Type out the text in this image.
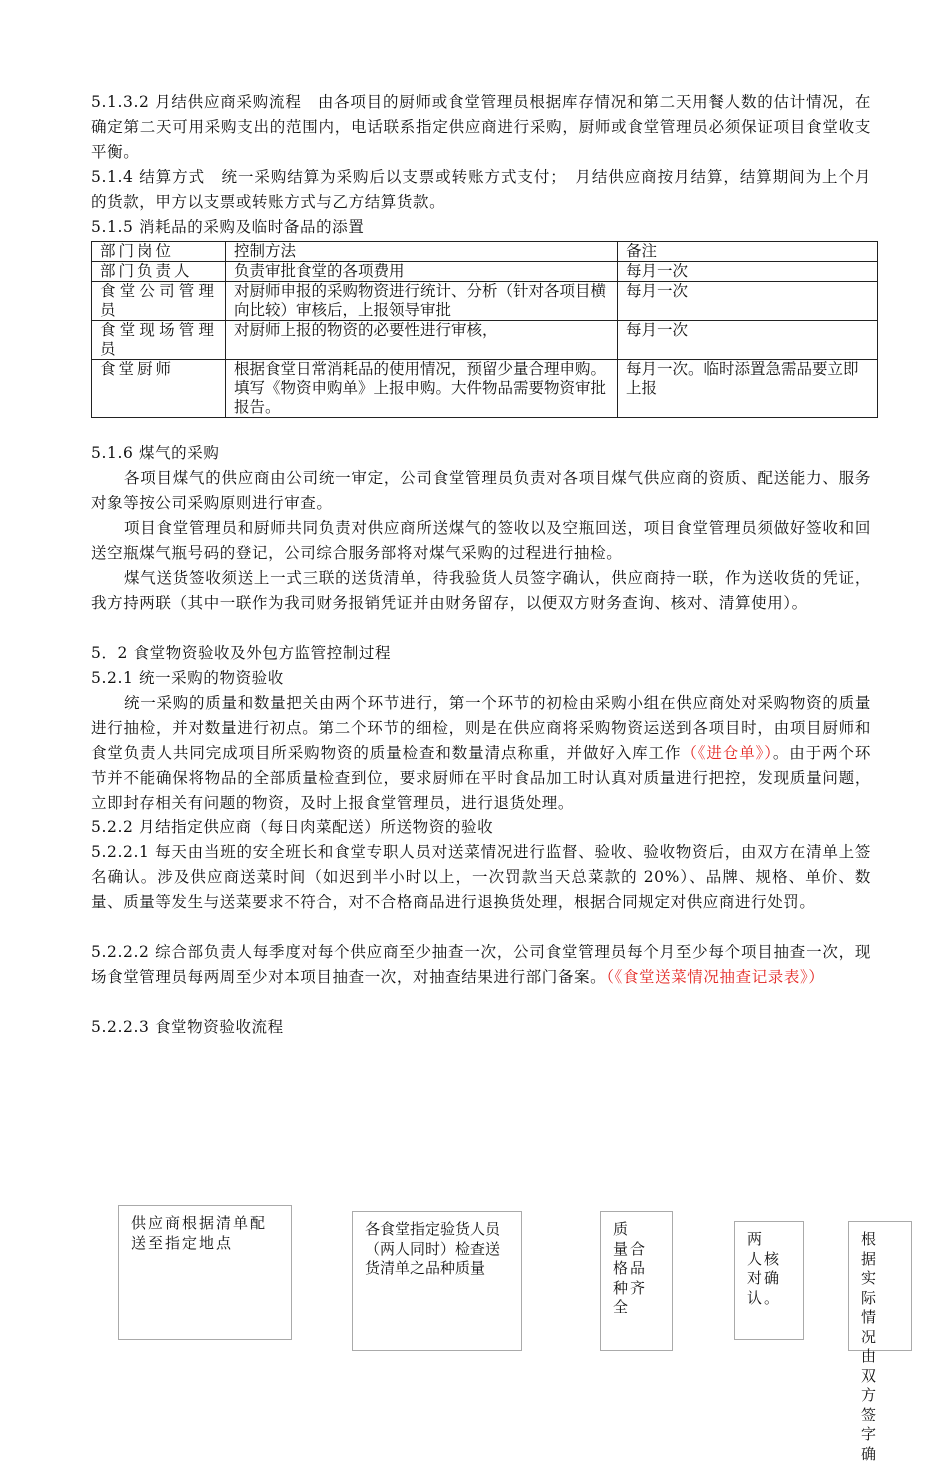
5.1.3.2 月结供应商采购流程　由各项目的厨师或食堂管理员根据库存情况和第二天用餐人数的估计情况，在确定第二天可用采购支出的范围内，电话联系指定供应商进行采购，厨师或食堂管理员必须保证项目食堂收支平衡。
5.1.4 结算方式　统一采购结算为采购后以支票或转账方式支付；　月结供应商按月结算，结算期间为上个月的货款，甲方以支票或转账方式与乙方结算货款。
5.1.5 消耗品的采购及临时备品的添置
部门岗位	控制方法	备注
部门负责人	负责审批食堂的各项费用	每月一次
食堂公司管理员	对厨师申报的采购物资进行统计、分析（针对各项目横向比较）审核后，上报领导审批	每月一次
食堂现场管理员	对厨师上报的物资的必要性进行审核，	每月一次
食堂厨师	根据食堂日常消耗品的使用情况，预留少量合理申购。填写《物资申购单》上报申购。大件物品需要物资审批报告。	每月一次。临时添置急需品要立即上报
5.1.6 煤气的采购
各项目煤气的供应商由公司统一审定，公司食堂管理员负责对各项目煤气供应商的资质、配送能力、服务对象等按公司采购原则进行审查。
项目食堂管理员和厨师共同负责对供应商所送煤气的签收以及空瓶回送，项目食堂管理员须做好签收和回送空瓶煤气瓶号码的登记，公司综合服务部将对煤气采购的过程进行抽检。
煤气送货签收须送上一式三联的送货清单，待我验货人员签字确认，供应商持一联，作为送收货的凭证，我方持两联（其中一联作为我司财务报销凭证并由财务留存，以便双方财务查询、核对、清算使用）。
5．2 食堂物资验收及外包方监管控制过程
5.2.1 统一采购的物资验收
统一采购的质量和数量把关由两个环节进行，第一个环节的初检由采购小组在供应商处对采购物资的质量进行抽检，并对数量进行初点。第二个环节的细检，则是在供应商将采购物资运送到各项目时，由项目厨师和食堂负责人共同完成项目所采购物资的质量检查和数量清点称重，并做好入库工作（《进仓单》）。由于两个环节并不能确保将物品的全部质量检查到位，要求厨师在平时食品加工时认真对质量进行把控，发现质量问题，立即封存相关有问题的物资，及时上报食堂管理员，进行退货处理。
5.2.2 月结指定供应商（每日肉菜配送）所送物资的验收
5.2.2.1 每天由当班的安全班长和食堂专职人员对送菜情况进行监督、验收、验收物资后，由双方在清单上签名确认。涉及供应商送菜时间（如迟到半小时以上，一次罚款当天总菜款的 20%）、品牌、规格、单价、数量、质量等发生与送菜要求不符合，对不合格商品进行退换货处理，根据合同规定对供应商进行处罚。
5.2.2.2 综合部负责人每季度对每个供应商至少抽查一次，公司食堂管理员每个月至少每个项目抽查一次，现场食堂管理员每两周至少对本项目抽查一次，对抽查结果进行部门备案。（《食堂送菜情况抽查记录表》）
5.2.2.3 食堂物资验收流程
供应商根据清单配送至指定地点
各食堂指定验货人员（两人同时）检查送货清单之品种质量
质　量合格品　种齐全
两　人核对确认。
根据实际情况由双方签字确
